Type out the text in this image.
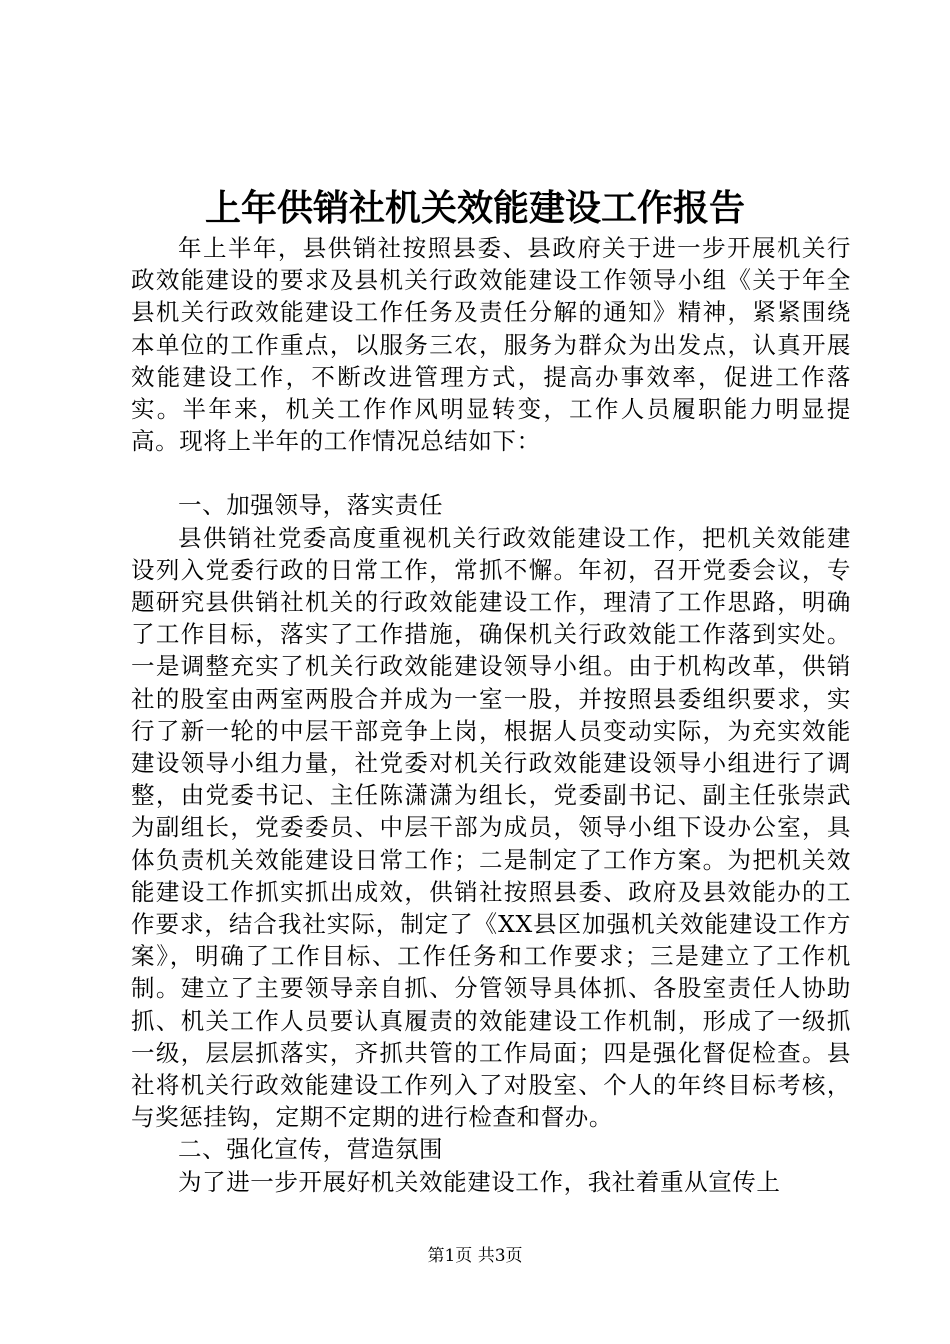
上年供销社机关效能建设工作报告

年上半年，县供销社按照县委、县政府关于进一步开展机关行政效能建设的要求及县机关行政效能建设工作领导小组《关于年全县机关行政效能建设工作任务及责任分解的通知》精神，紧紧围绕本单位的工作重点，以服务三农，服务为群众为出发点，认真开展效能建设工作，不断改进管理方式，提高办事效率，促进工作落实。半年来，机关工作作风明显转变，工作人员履职能力明显提高。现将上半年的工作情况总结如下：

一、加强领导，落实责任

县供销社党委高度重视机关行政效能建设工作，把机关效能建设列入党委行政的日常工作，常抓不懈。年初，召开党委会议，专题研究县供销社机关的行政效能建设工作，理清了工作思路，明确了工作目标，落实了工作措施，确保机关行政效能工作落到实处。一是调整充实了机关行政效能建设领导小组。由于机构改革，供销社的股室由两室两股合并成为一室一股，并按照县委组织要求，实行了新一轮的中层干部竞争上岗，根据人员变动实际，为充实效能建设领导小组力量，社党委对机关行政效能建设领导小组进行了调整，由党委书记、主任陈潇潇为组长，党委副书记、副主任张崇武为副组长，党委委员、中层干部为成员，领导小组下设办公室，具体负责机关效能建设日常工作；二是制定了工作方案。为把机关效能建设工作抓实抓出成效，供销社按照县委、政府及县效能办的工作要求，结合我社实际，制定了《XX县区加强机关效能建设工作方案》，明确了工作目标、工作任务和工作要求；三是建立了工作机制。建立了主要领导亲自抓、分管领导具体抓、各股室责任人协助抓、机关工作人员要认真履责的效能建设工作机制，形成了一级抓一级，层层抓落实，齐抓共管的工作局面；四是强化督促检查。县社将机关行政效能建设工作列入了对股室、个人的年终目标考核，与奖惩挂钩，定期不定期的进行检查和督办。

二、强化宣传，营造氛围

为了进一步开展好机关效能建设工作，我社着重从宣传上

第1页 共3页
